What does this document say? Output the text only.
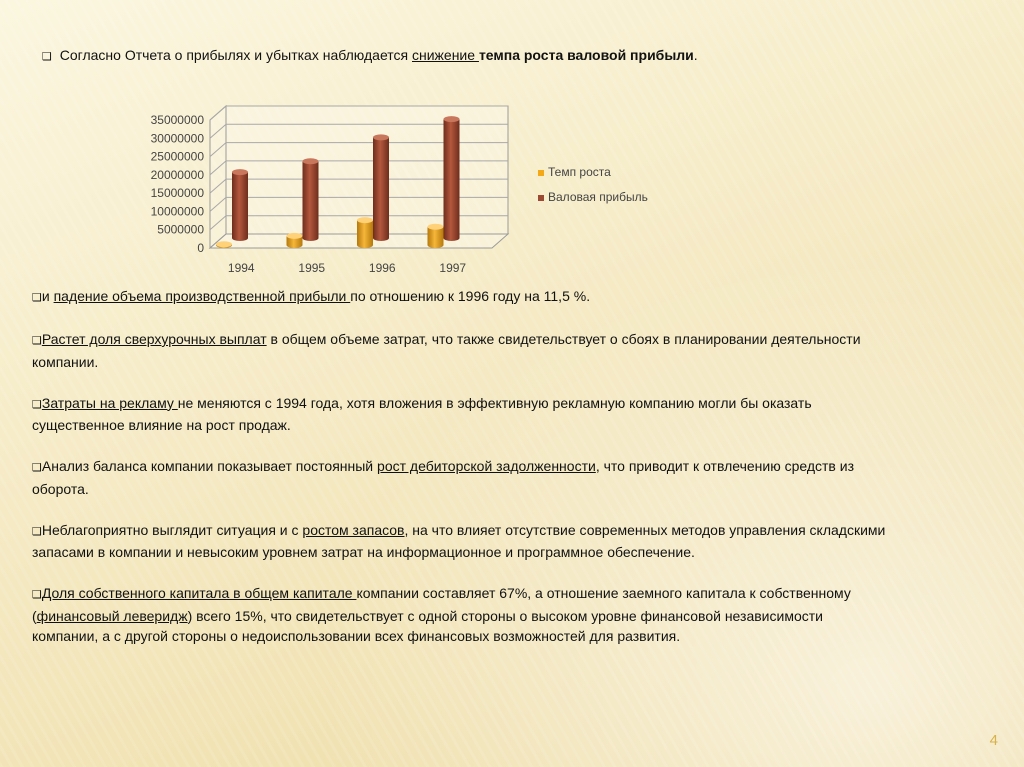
❑ Согласно Отчета о прибылях и убытках наблюдается снижение темпа роста валовой прибыли.
0
5000000
10000000
15000000
20000000
25000000
30000000
35000000
1994	1995	1996	1997
Темп роста
Валовая прибыль
❑и падение объема производственной прибыли по отношению к 1996 году на 11,5 %.
❑Растет доля сверхурочных выплат в общем объеме затрат, что также свидетельствует о сбоях в планировании деятельности компании.
❑Затраты на рекламу не меняются с 1994 года, хотя вложения в эффективную рекламную компанию могли бы оказать существенное влияние на рост продаж.
❑Анализ баланса компании показывает постоянный рост дебиторской задолженности, что приводит к отвлечению средств из оборота.
❑Неблагоприятно выглядит ситуация и с ростом запасов, на что влияет отсутствие современных методов управления складскими запасами в компании и невысоким уровнем затрат на информационное и программное обеспечение.
❑Доля собственного капитала в общем капитале компании составляет 67%, а отношение заемного капитала к собственному (финансовый леверидж) всего 15%, что свидетельствует с одной стороны о высоком уровне финансовой независимости компании, а с другой стороны о недоиспользовании всех финансовых возможностей для развития.
4
